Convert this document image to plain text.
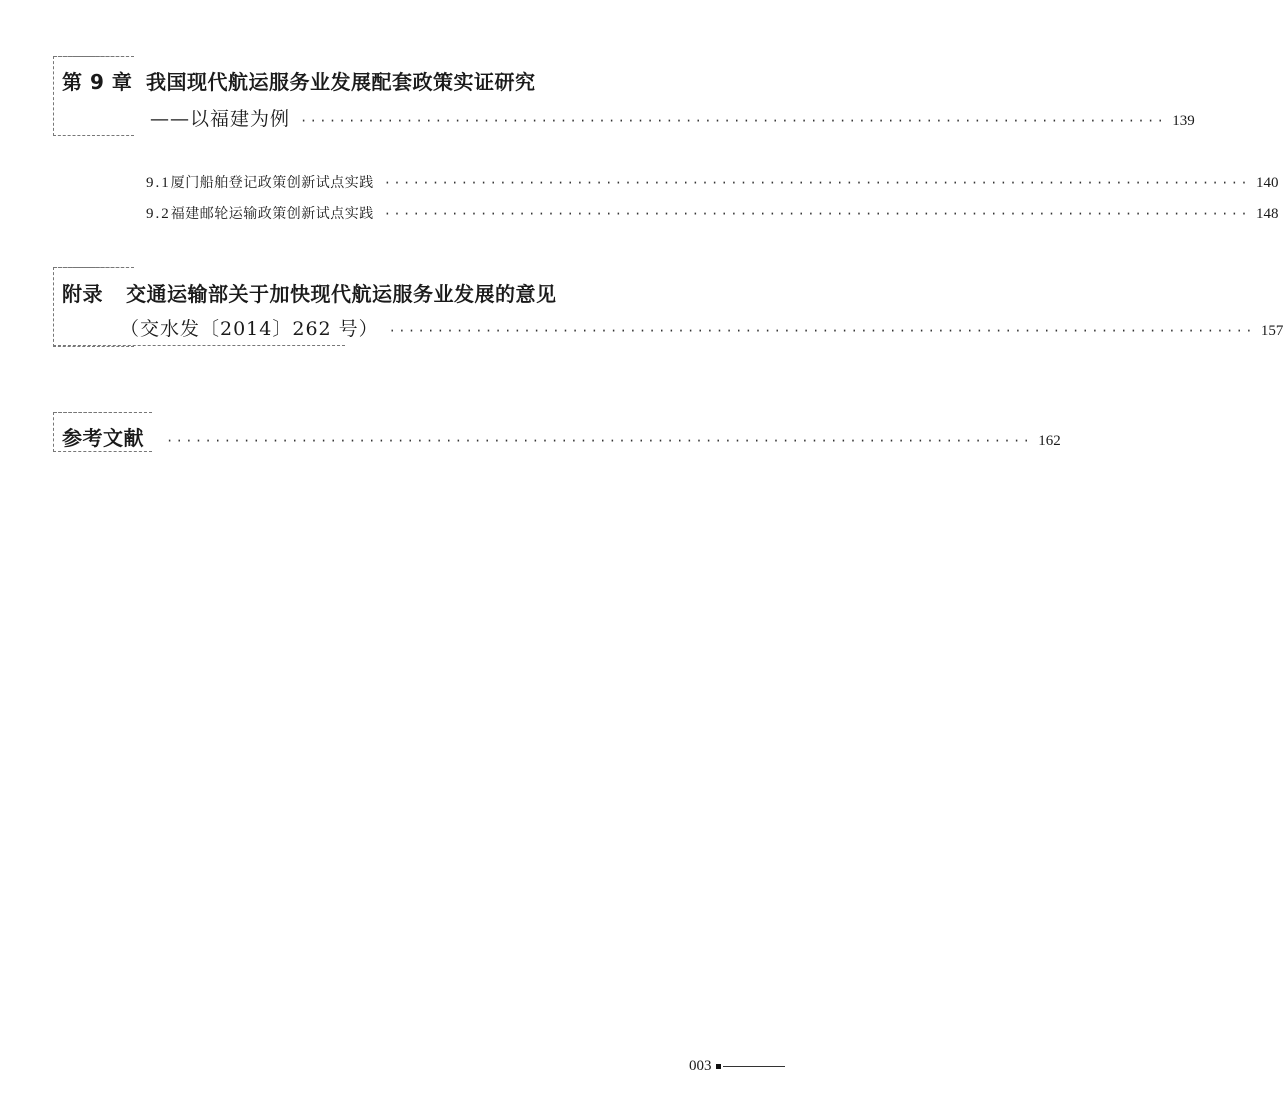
第 9 章 我国现代航运服务业发展配套政策实证研究
——以福建为例 ·························································································· 139
9.1 厦门船舶登记政策创新试点实践 ·························································································· 140
9.2 福建邮轮运输政策创新试点实践 ·························································································· 148
附录 交通运输部关于加快现代航运服务业发展的意见
（交水发〔2014〕262 号） ·························································································· 157
参考文献 ·························································································· 162
003
